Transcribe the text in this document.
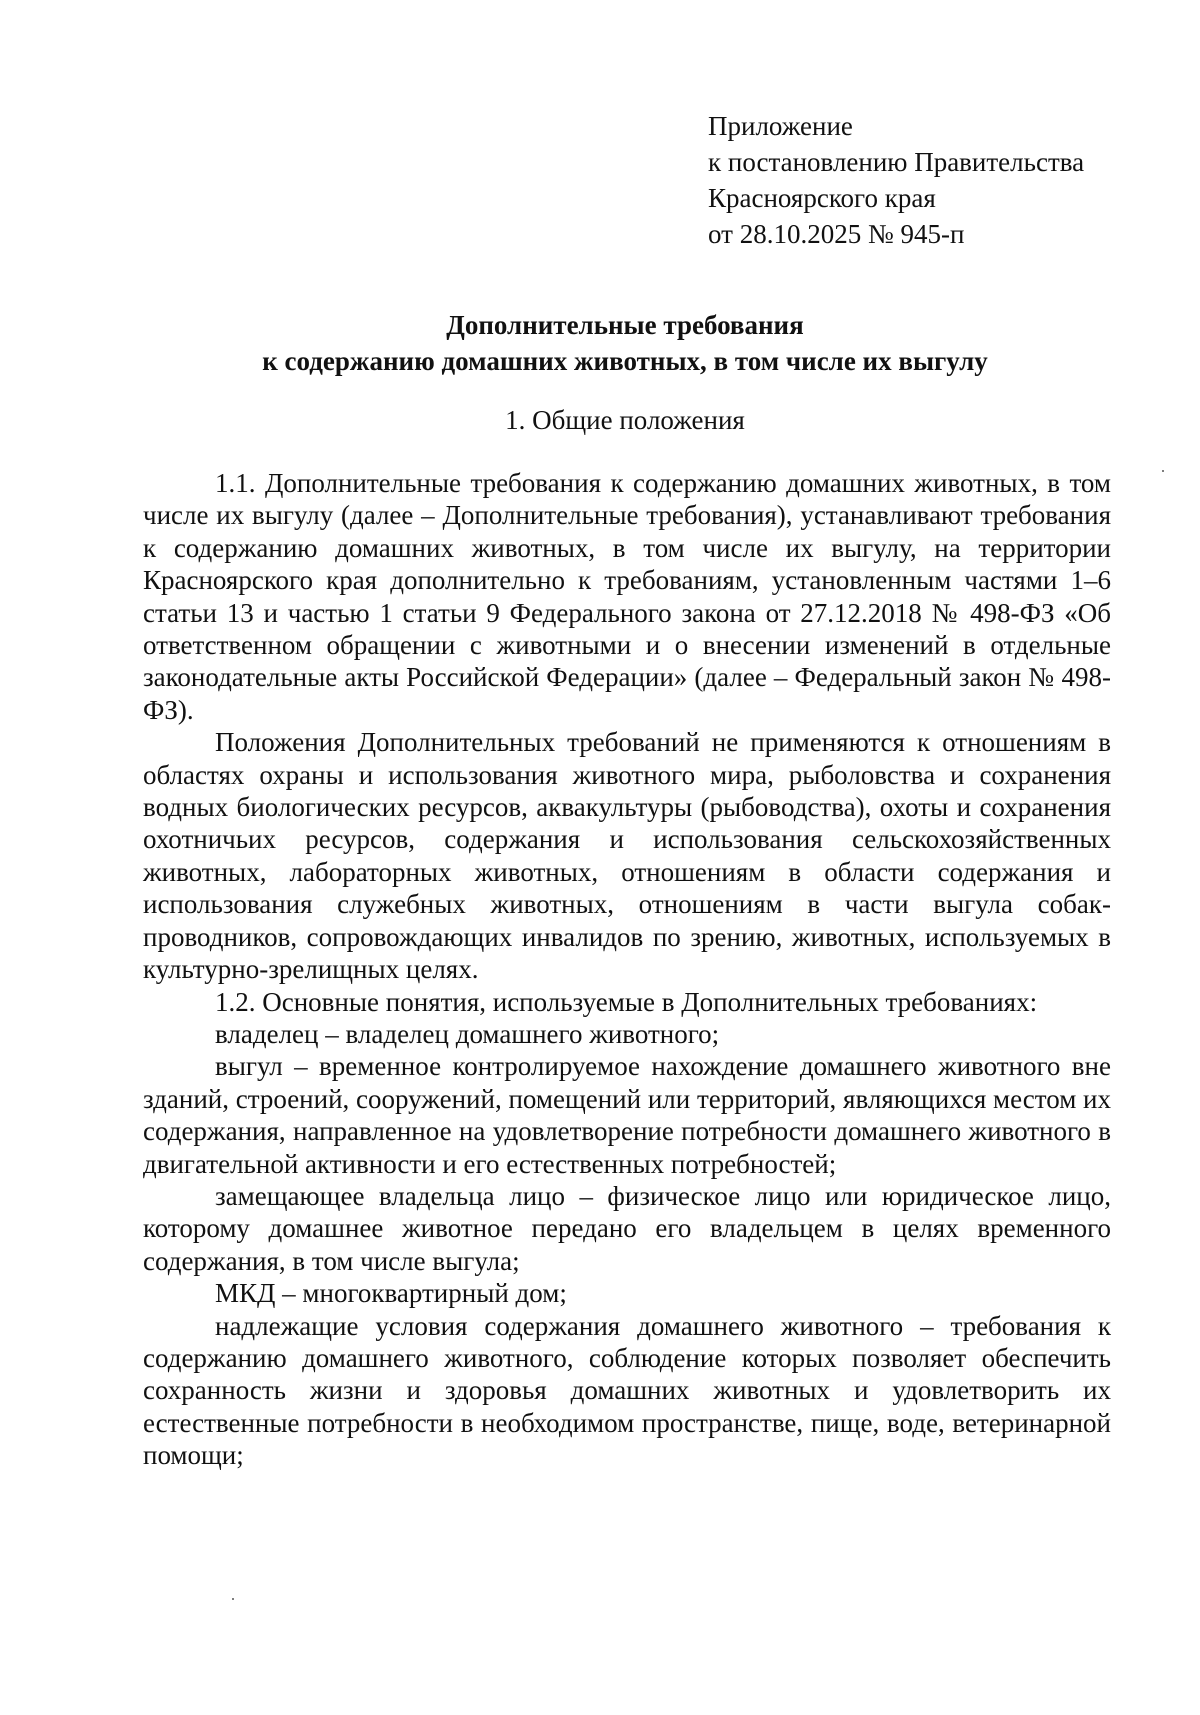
Приложение
к постановлению Правительства
Красноярского края
от 28.10.2025 № 945-п
Дополнительные требования
к содержанию домашних животных, в том числе их выгулу
1. Общие положения

1.1. Дополнительные требования к содержанию домашних животных, в том числе их выгулу (далее – Дополнительные требования), устанавливают требования к содержанию домашних животных, в том числе их выгулу, на территории Красноярского края дополнительно к требованиям, установленным частями 1–6 статьи 13 и частью 1 статьи 9 Федерального закона от 27.12.2018 № 498-ФЗ «Об ответственном обращении с животными и о внесении изменений в отдельные законодательные акты Российской Федерации» (далее – Федеральный закон № 498-ФЗ).

Положения Дополнительных требований не применяются к отношениям в областях охраны и использования животного мира, рыболовства и сохранения водных биологических ресурсов, аквакультуры (рыбоводства), охоты и сохранения охотничьих ресурсов, содержания и использования сельскохозяйственных животных, лабораторных животных, отношениям в области содержания и использования служебных животных, отношениям в части выгула собак-проводников, сопровождающих инвалидов по зрению, животных, используемых в культурно-зрелищных целях.

1.2. Основные понятия, используемые в Дополнительных требованиях:

владелец – владелец домашнего животного;

выгул – временное контролируемое нахождение домашнего животного вне зданий, строений, сооружений, помещений или территорий, являющихся местом их содержания, направленное на удовлетворение потребности домашнего животного в двигательной активности и его естественных потребностей;

замещающее владельца лицо – физическое лицо или юридическое лицо, которому домашнее животное передано его владельцем в целях временного содержания, в том числе выгула;

МКД – многоквартирный дом;

надлежащие условия содержания домашнего животного – требования к содержанию домашнего животного, соблюдение которых позволяет обеспечить сохранность жизни и здоровья домашних животных и удовлетворить их естественные потребности в необходимом пространстве, пище, воде, ветеринарной помощи;
